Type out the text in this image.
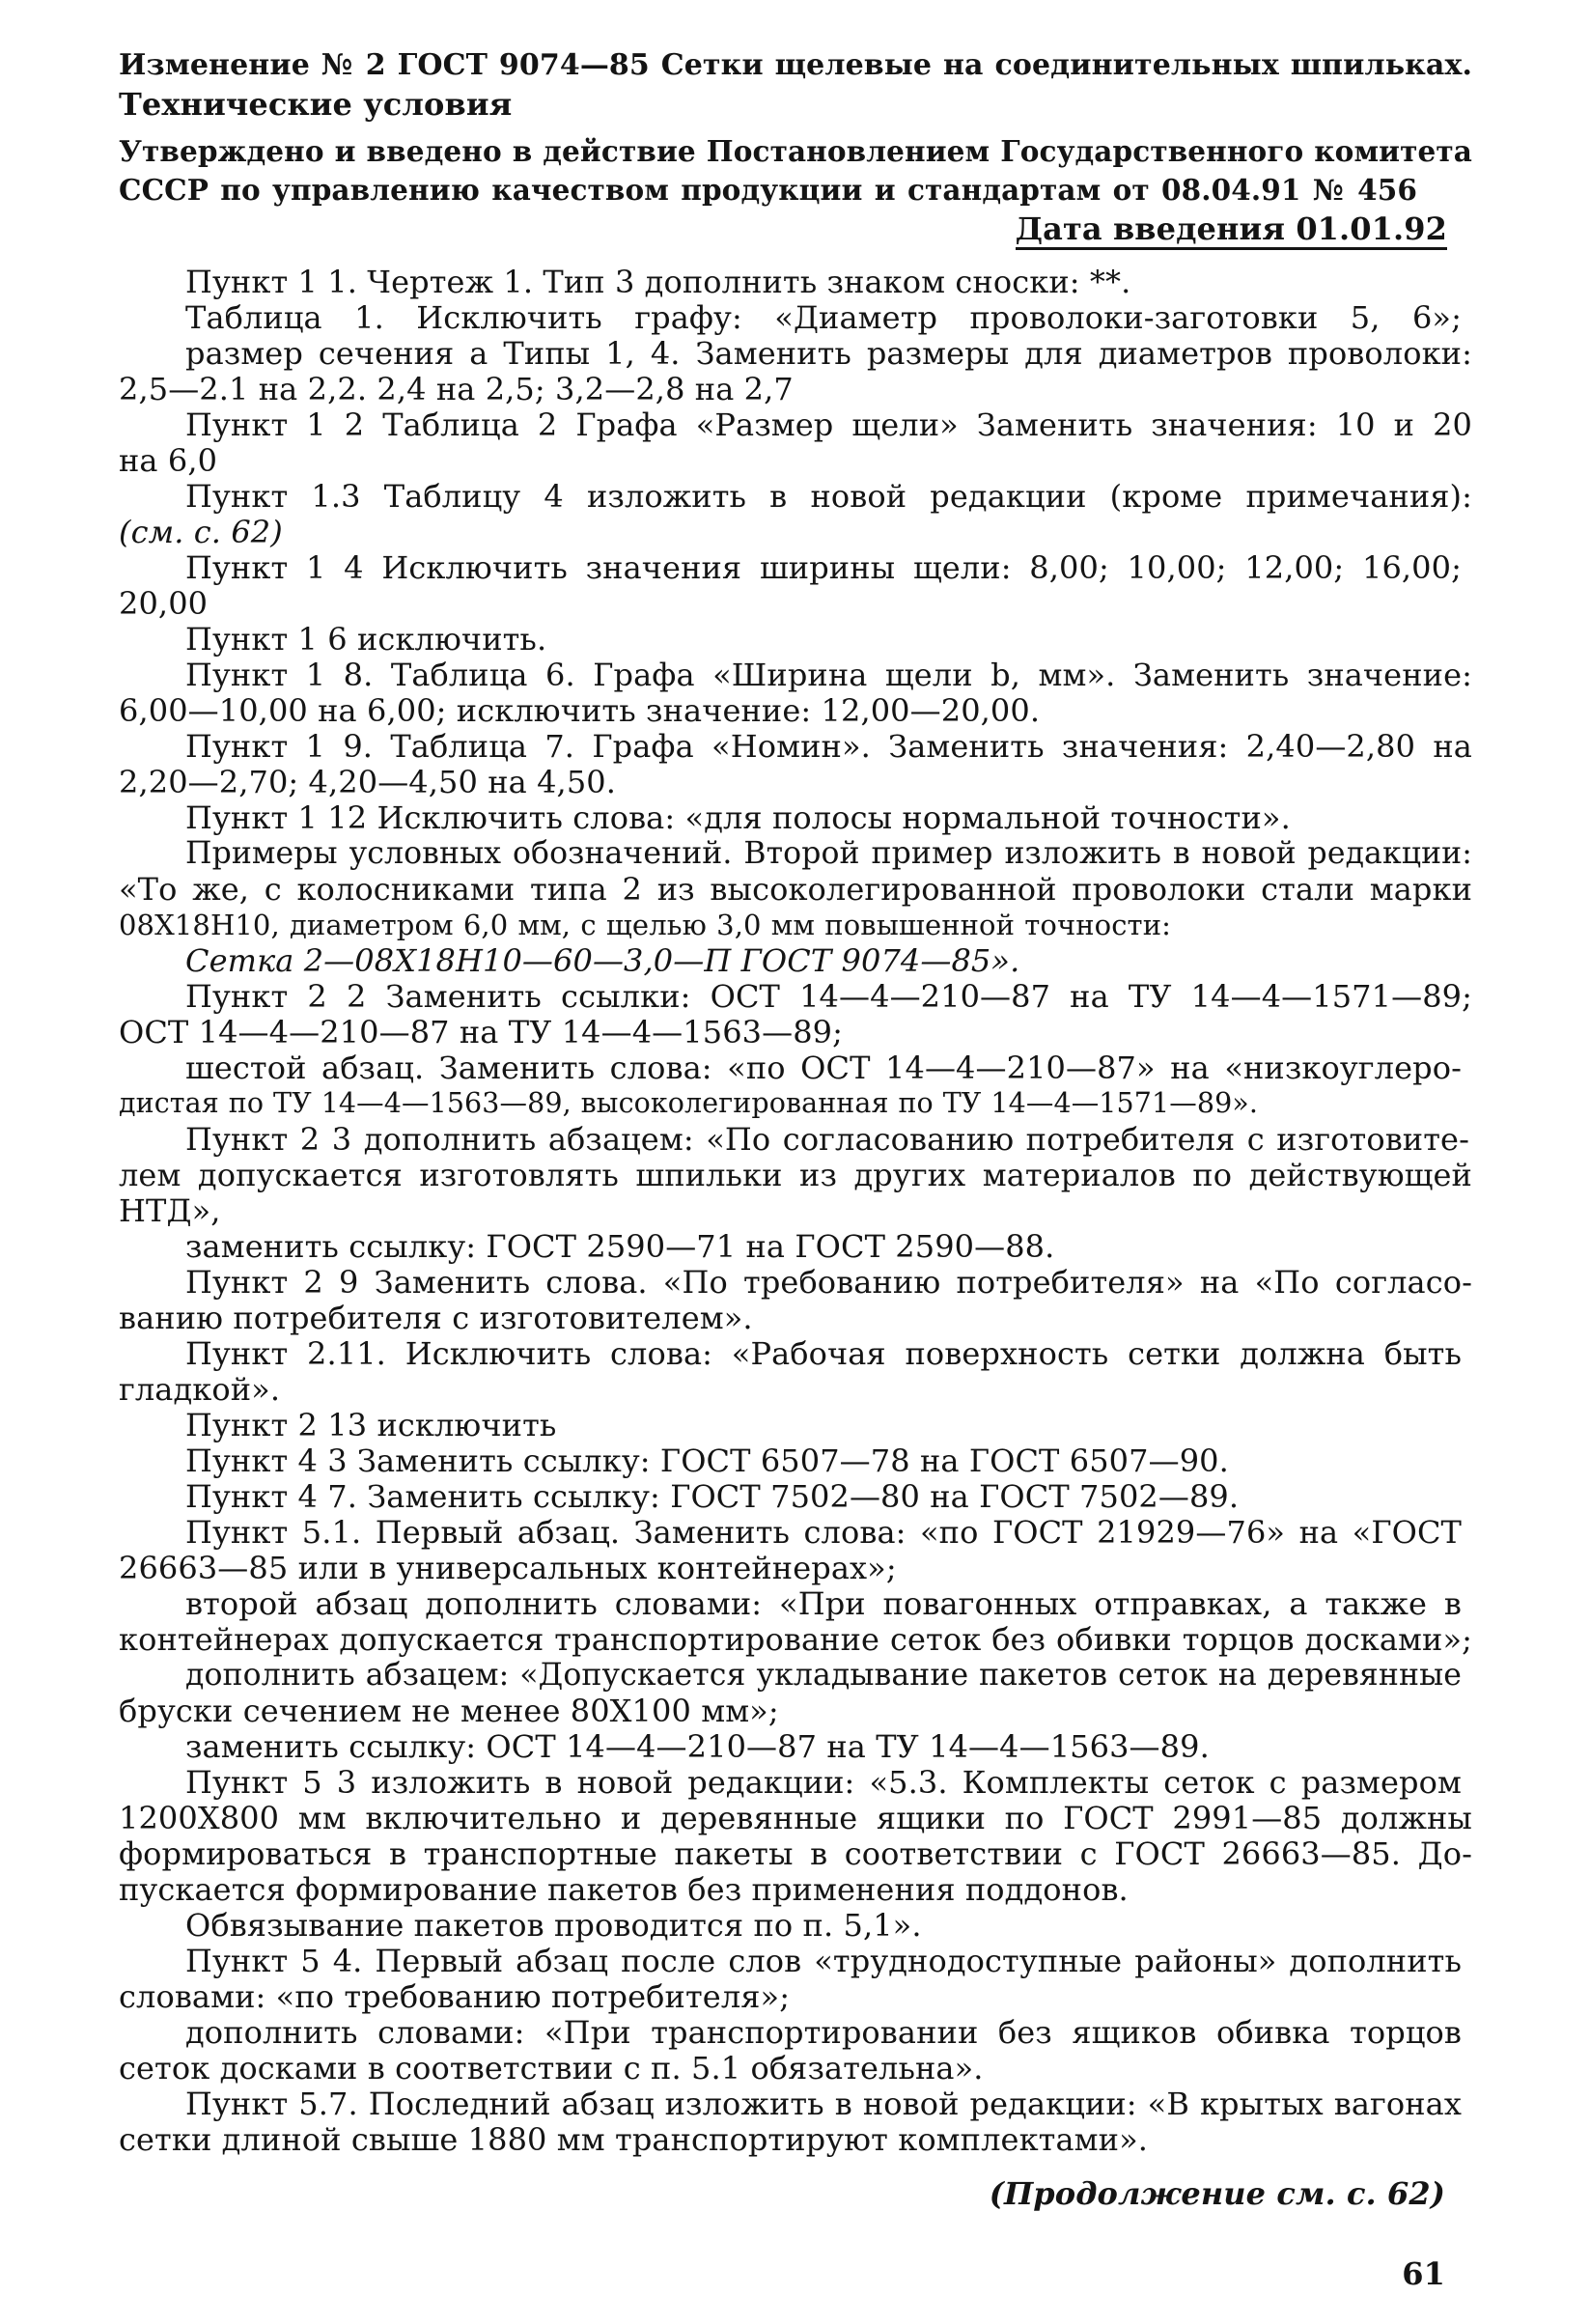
Изменение № 2 ГОСТ 9074—85 Сетки щелевые на соединительных шпильках.
Технические условия
Утверждено и введено в действие Постановлением Государственного комитета
СССР по управлению качеством продукции и стандартам от 08.04.91 № 456
Дата введения 01.01.92
Пункт 1 1. Чертеж 1. Тип 3 дополнить знаком сноски: **.
Таблица 1. Исключить графу: «Диаметр проволоки-заготовки 5, 6»;
размер сечения a Типы 1, 4. Заменить размеры для диаметров проволоки:
2,5—2.1 на 2,2. 2,4 на 2,5; 3,2—2,8 на 2,7
Пункт 1 2 Таблица 2 Графа «Размер щели» Заменить значения: 10 и 20
на 6,0
Пункт 1.3 Таблицу 4 изложить в новой редакции (кроме примечания):
(см. с. 62)
Пункт 1 4 Исключить значения ширины щели: 8,00; 10,00; 12,00; 16,00;
20,00
Пункт 1 6 исключить.
Пункт 1 8. Таблица 6. Графа «Ширина щели b, мм». Заменить значение:
6,00—10,00 на 6,00; исключить значение: 12,00—20,00.
Пункт 1 9. Таблица 7. Графа «Номин». Заменить значения: 2,40—2,80 на
2,20—2,70; 4,20—4,50 на 4,50.
Пункт 1 12 Исключить слова: «для полосы нормальной точности».
Примеры условных обозначений. Второй пример изложить в новой редакции:
«То же, с колосниками типа 2 из высоколегированной проволоки стали марки
08Х18Н10, диаметром 6,0 мм, с щелью 3,0 мм повышенной точности:
Сетка 2—08Х18Н10—60—3,0—П ГОСТ 9074—85».
Пункт 2 2 Заменить ссылки: ОСТ 14—4—210—87 на ТУ 14—4—1571—89;
ОСТ 14—4—210—87 на ТУ 14—4—1563—89;
шестой абзац. Заменить слова: «по ОСТ 14—4—210—87» на «низкоуглеро-
дистая по ТУ 14—4—1563—89, высоколегированная по ТУ 14—4—1571—89».
Пункт 2 3 дополнить абзацем: «По согласованию потребителя с изготовите-
лем допускается изготовлять шпильки из других материалов по действующей
НТД»,
заменить ссылку: ГОСТ 2590—71 на ГОСТ 2590—88.
Пункт 2 9 Заменить слова. «По требованию потребителя» на «По согласо-
ванию потребителя с изготовителем».
Пункт 2.11. Исключить слова: «Рабочая поверхность сетки должна быть
гладкой».
Пункт 2 13 исключить
Пункт 4 3 Заменить ссылку: ГОСТ 6507—78 на ГОСТ 6507—90.
Пункт 4 7. Заменить ссылку: ГОСТ 7502—80 на ГОСТ 7502—89.
Пункт 5.1. Первый абзац. Заменить слова: «по ГОСТ 21929—76» на «ГОСТ
26663—85 или в универсальных контейнерах»;
второй абзац дополнить словами: «При повагонных отправках, а также в
контейнерах допускается транспортирование сеток без обивки торцов досками»;
дополнить абзацем: «Допускается укладывание пакетов сеток на деревянные
бруски сечением не менее 80Х100 мм»;
заменить ссылку: ОСТ 14—4—210—87 на ТУ 14—4—1563—89.
Пункт 5 3 изложить в новой редакции: «5.3. Комплекты сеток с размером
1200Х800 мм включительно и деревянные ящики по ГОСТ 2991—85 должны
формироваться в транспортные пакеты в соответствии с ГОСТ 26663—85. До-
пускается формирование пакетов без применения поддонов.
Обвязывание пакетов проводится по п. 5,1».
Пункт 5 4. Первый абзац после слов «труднодоступные районы» дополнить
словами: «по требованию потребителя»;
дополнить словами: «При транспортировании без ящиков обивка торцов
сеток досками в соответствии с п. 5.1 обязательна».
Пункт 5.7. Последний абзац изложить в новой редакции: «В крытых вагонах
сетки длиной свыше 1880 мм транспортируют комплектами».
(Продолжение см. с. 62)
61
